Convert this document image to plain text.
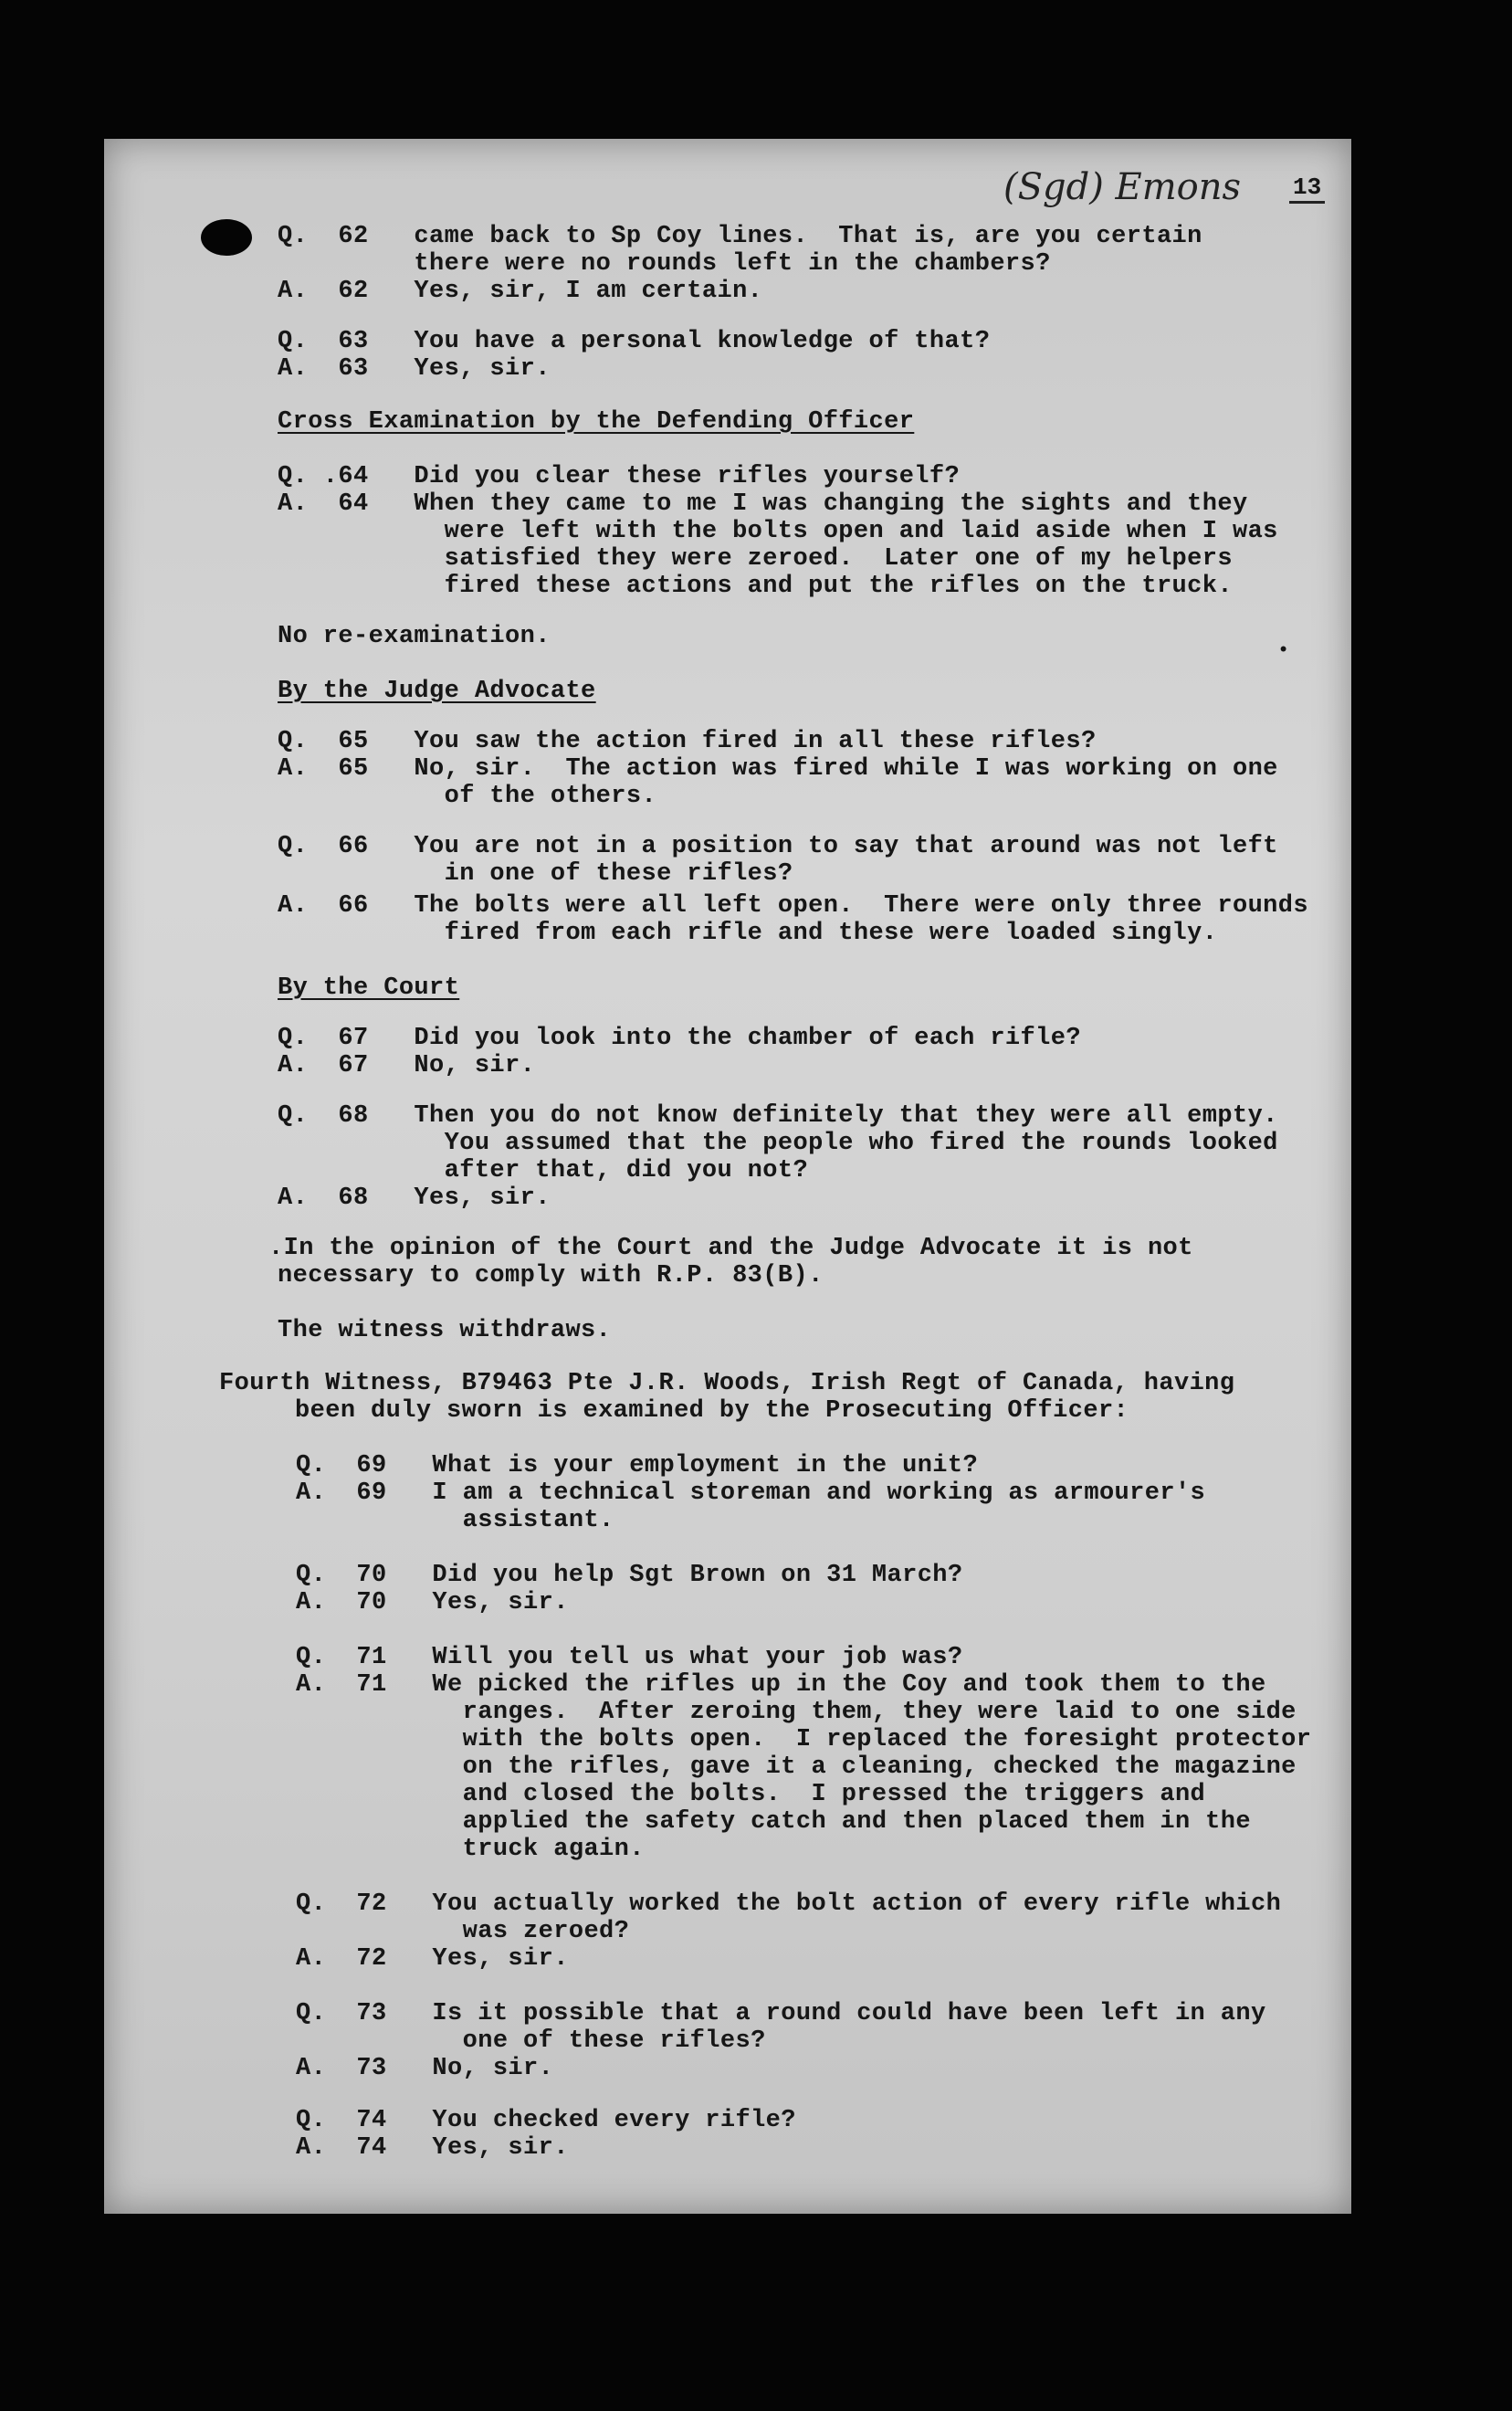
(Sgd) Emons 13
•
Q.  62   came back to Sp Coy lines.  That is, are you certain
there were no rounds left in the chambers?
A.  62   Yes, sir, I am certain.
Q.  63   You have a personal knowledge of that?
A.  63   Yes, sir.
Cross Examination by the Defending Officer
Q. .64   Did you clear these rifles yourself?
A.  64   When they came to me I was changing the sights and they
were left with the bolts open and laid aside when I was
satisfied they were zeroed.  Later one of my helpers
fired these actions and put the rifles on the truck.
No re-examination.
By the Judge Advocate
Q.  65   You saw the action fired in all these rifles?
A.  65   No, sir.  The action was fired while I was working on one
of the others.
Q.  66   You are not in a position to say that around was not left
in one of these rifles?
A.  66   The bolts were all left open.  There were only three rounds
fired from each rifle and these were loaded singly.
By the Court
Q.  67   Did you look into the chamber of each rifle?
A.  67   No, sir.
Q.  68   Then you do not know definitely that they were all empty.
You assumed that the people who fired the rounds looked
after that, did you not?
A.  68   Yes, sir.
.In the opinion of the Court and the Judge Advocate it is not
necessary to comply with R.P. 83(B).
The witness withdraws.
Fourth Witness, B79463 Pte J.R. Woods, Irish Regt of Canada, having
been duly sworn is examined by the Prosecuting Officer:
Q.  69   What is your employment in the unit?
A.  69   I am a technical storeman and working as armourer's
assistant.
Q.  70   Did you help Sgt Brown on 31 March?
A.  70   Yes, sir.
Q.  71   Will you tell us what your job was?
A.  71   We picked the rifles up in the Coy and took them to the
ranges.  After zeroing them, they were laid to one side
with the bolts open.  I replaced the foresight protector
on the rifles, gave it a cleaning, checked the magazine
and closed the bolts.  I pressed the triggers and
applied the safety catch and then placed them in the
truck again.
Q.  72   You actually worked the bolt action of every rifle which
was zeroed?
A.  72   Yes, sir.
Q.  73   Is it possible that a round could have been left in any
one of these rifles?
A.  73   No, sir.
Q.  74   You checked every rifle?
A.  74   Yes, sir.
